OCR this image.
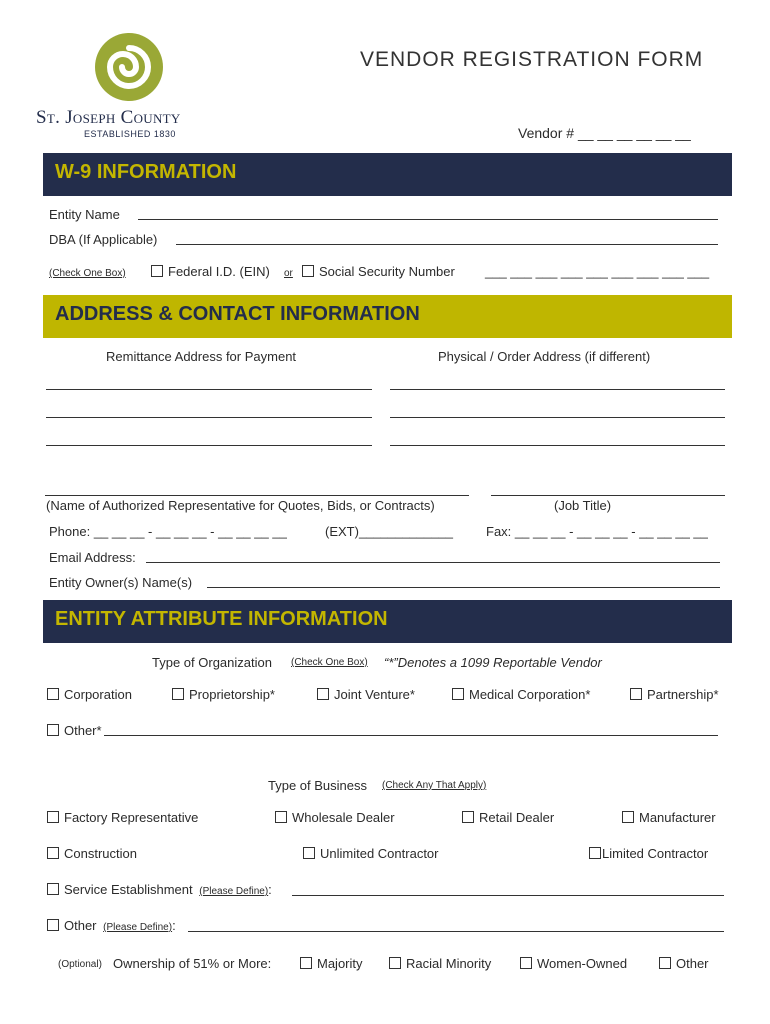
St. Joseph County
ESTABLISHED 1830
VENDOR REGISTRATION FORM
Vendor # __ __ __ __ __ __
W-9 INFORMATION
Entity Name
DBA (If Applicable)
(Check One Box)	Federal I.D. (EIN) or	Social Security Number ___ ___ ___ ___ ___ ___ ___ ___ ___
ADDRESS & CONTACT INFORMATION
Remittance Address for Payment	Physical / Order Address (if different)
(Name of Authorized Representative for Quotes, Bids, or Contracts)	(Job Title)
Phone: __ __ __ - __ __ __ - __ __ __ __	(EXT)_____________	Fax: __ __ __ - __ __ __ - __ __ __ __
Email Address:
Entity Owner(s) Name(s)
ENTITY ATTRIBUTE INFORMATION
Type of Organization (Check One Box) “*”Denotes a 1099 Reportable Vendor
Corporation	Proprietorship*	Joint Venture*	Medical Corporation*	Partnership*
Other*
Type of Business (Check Any That Apply)
Factory Representative	Wholesale Dealer	Retail Dealer	Manufacturer
Construction	Unlimited Contractor	Limited Contractor
Service Establishment (Please Define):
Other (Please Define):
(Optional) Ownership of 51% or More:	Majority	Racial Minority	Women-Owned	Other
